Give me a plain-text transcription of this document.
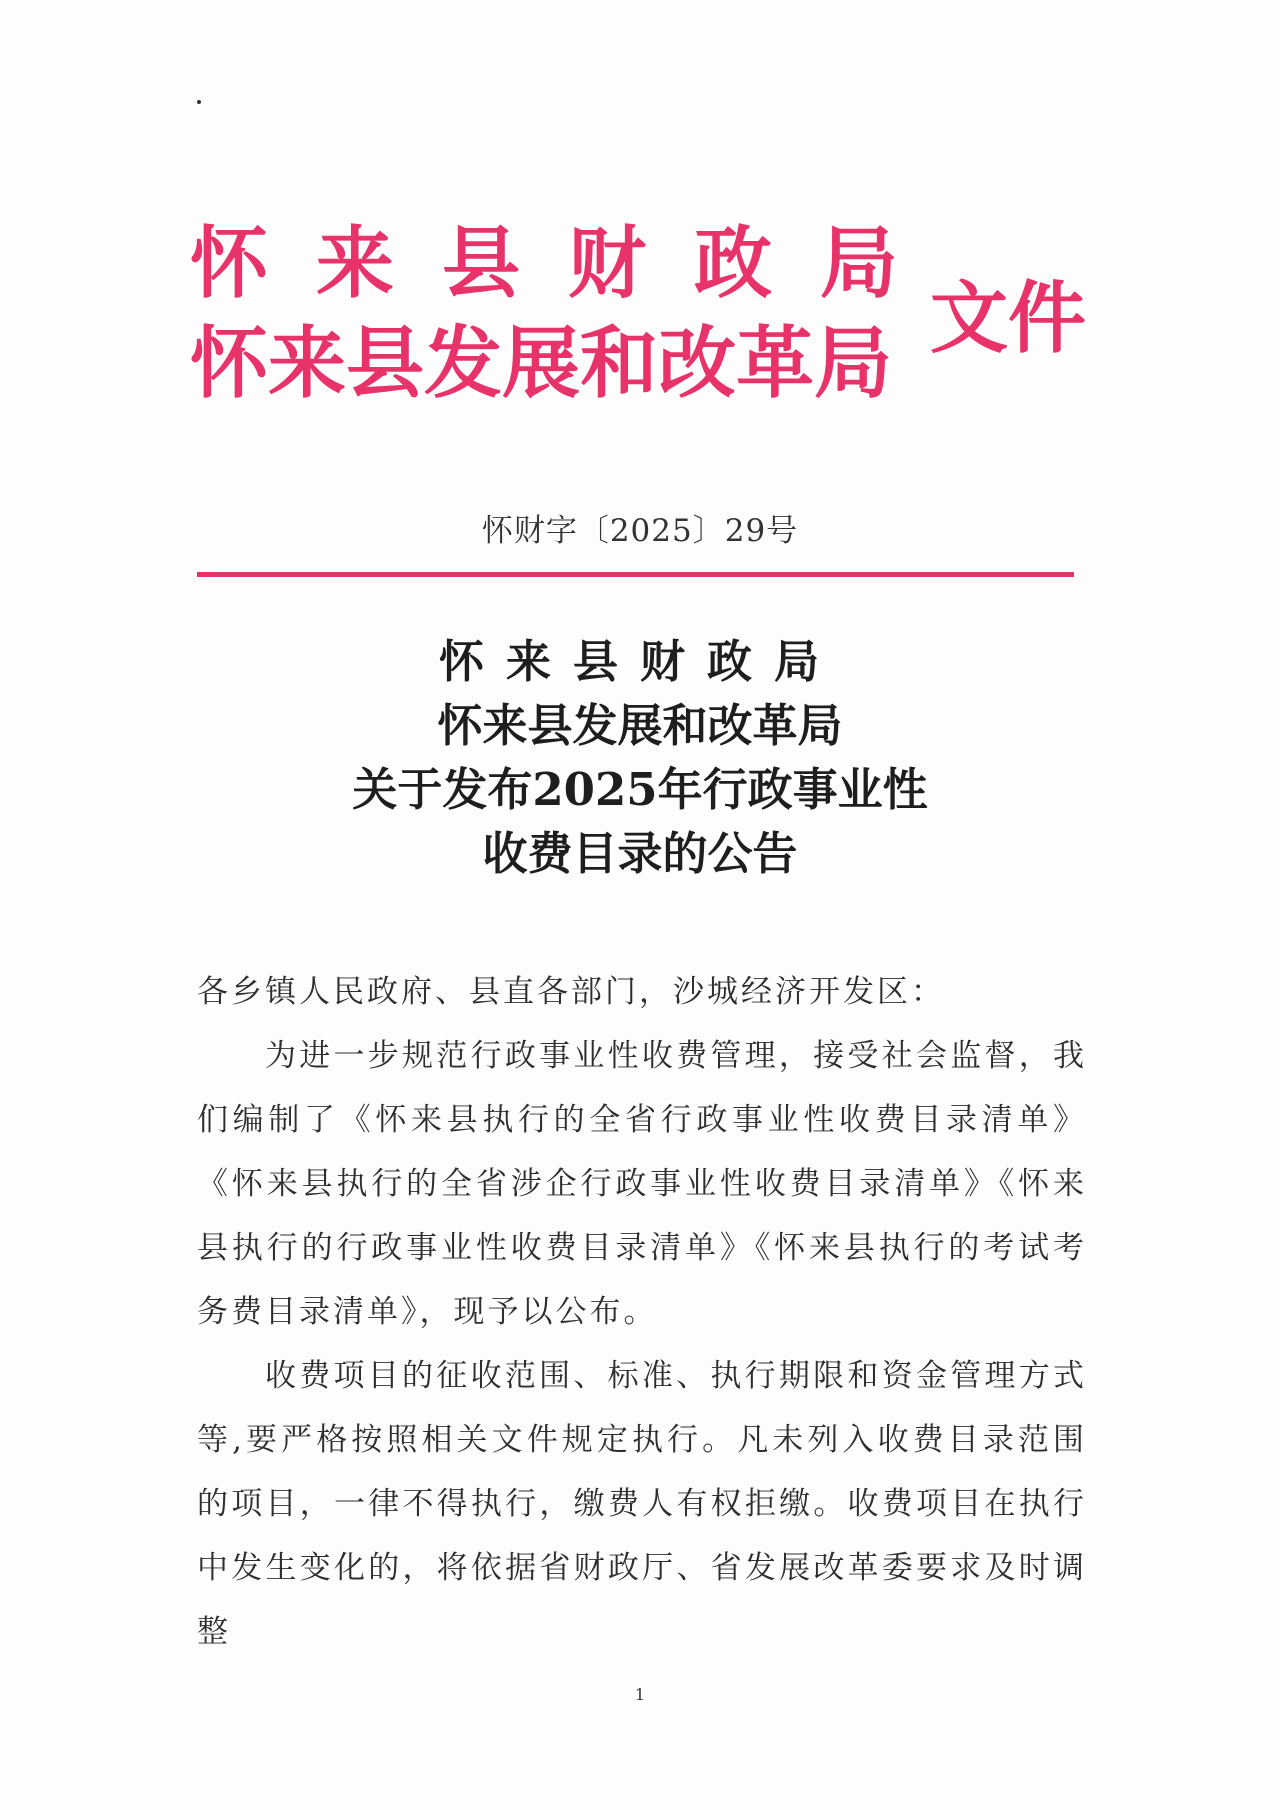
怀 来 县 财 政 局
怀来县发展和改革局 文件
怀财字〔2025〕29号
怀来县财政局
怀来县发展和改革局
关于发布2025年行政事业性
收费目录的公告

各乡镇人民政府、县直各部门，沙城经济开发区：

为进一步规范行政事业性收费管理，接受社会监督，我们编制了《怀来县执行的全省行政事业性收费目录清单》《怀来县执行的全省涉企行政事业性收费目录清单》《怀来县执行的行政事业性收费目录清单》《怀来县执行的考试考务费目录清单》，现予以公布。

收费项目的征收范围、标准、执行期限和资金管理方式等,要严格按照相关文件规定执行。凡未列入收费目录范围的项目，一律不得执行，缴费人有权拒缴。收费项目在执行中发生变化的，将依据省财政厅、省发展改革委要求及时调整

1
